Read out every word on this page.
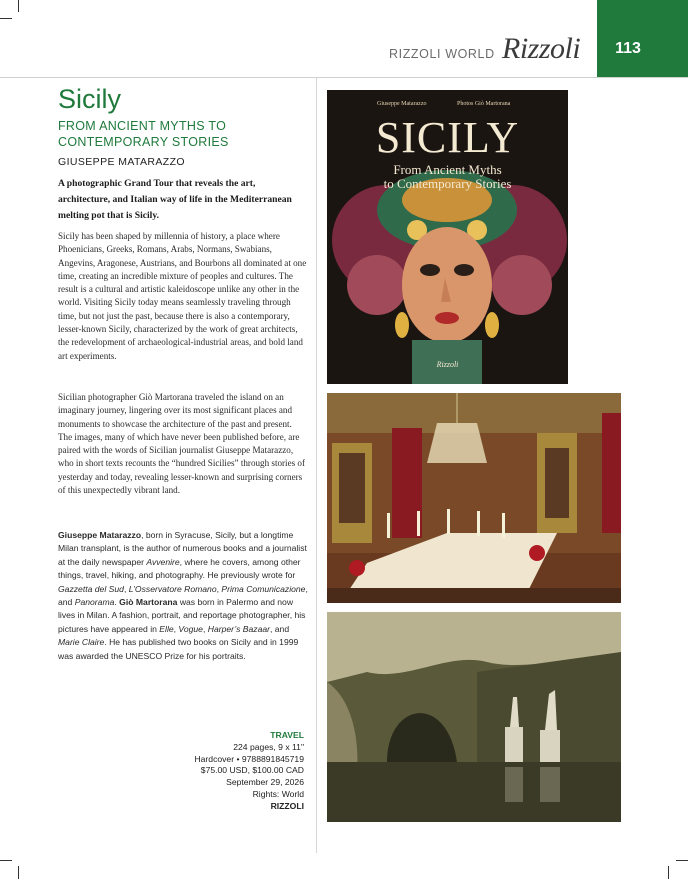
RIZZOLI WORLD Rizzoli	113
Sicily
FROM ANCIENT MYTHS TO CONTEMPORARY STORIES
GIUSEPPE MATARAZZO
A photographic Grand Tour that reveals the art, architecture, and Italian way of life in the Mediterranean melting pot that is Sicily.

Sicily has been shaped by millennia of history, a place where Phoenicians, Greeks, Romans, Arabs, Normans, Swabians, Angevins, Aragonese, Austrians, and Bourbons all dominated at one time, creating an incredible mixture of peoples and cultures. The result is a cultural and artistic kaleidoscope unlike any other in the world. Visiting Sicily today means seamlessly traveling through time, but not just the past, because there is also a contemporary, lesser-known Sicily, characterized by the work of great architects, the redevelopment of archaeological-industrial areas, and bold land art experiments.

Sicilian photographer Giò Martorana traveled the island on an imaginary journey, lingering over its most significant places and monuments to showcase the architecture of the past and present. The images, many of which have never been published before, are paired with the words of Sicilian journalist Giuseppe Matarazzo, who in short texts recounts the “hundred Sicilies” through stories of yesterday and today, revealing lesser-known and surprising corners of this unexpectedly vibrant land.

Giuseppe Matarazzo, born in Syracuse, Sicily, but a longtime Milan transplant, is the author of numerous books and a journalist at the daily newspaper Avvenire, where he covers, among other things, travel, hiking, and photography. He previously wrote for Gazzetta del Sud, L’Osservatore Romano, Prima Comunicazione, and Panorama. Giò Martorana was born in Palermo and now lives in Milan. A fashion, portrait, and reportage photographer, his pictures have appeared in Elle, Vogue, Harper’s Bazaar, and Marie Claire. He has published two books on Sicily and in 1999 was awarded the UNESCO Prize for his portraits.

TRAVEL
224 pages, 9 x 11"
Hardcover • 9788891845719
$75.00 USD, $100.00 CAD
September 29, 2026
Rights: World
RIZZOLI
Giuseppe Matarazzo	Photos Giò Martorana
SICILY
From Ancient Myths
to Contemporary Stories
Rizzoli
